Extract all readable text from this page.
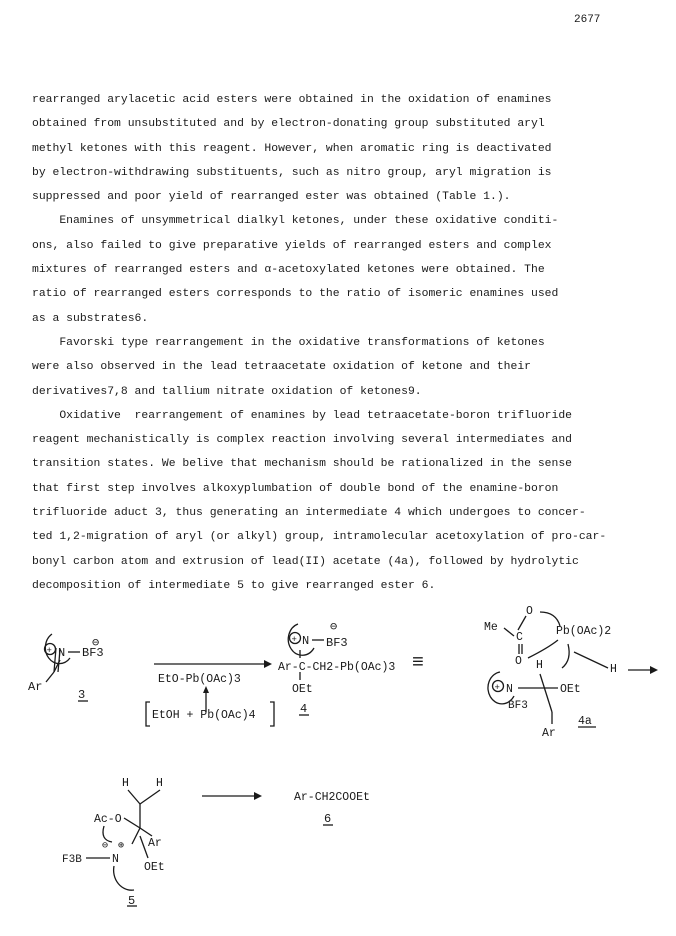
2677
rearranged arylacetic acid esters were obtained in the oxidation of enamines
obtained from unsubstituted and by electron-donating group substituted aryl
methyl ketones with this reagent. However, when aromatic ring is deactivated
by electron-withdrawing substituents, such as nitro group, aryl migration is
suppressed and poor yield of rearranged ester was obtained (Table 1.).
Enamines of unsymmetrical dialkyl ketones, under these oxidative conditi-
ons, also failed to give preparative yields of rearranged esters and complex
mixtures of rearranged esters and α-acetoxylated ketones were obtained. The
ratio of rearranged esters corresponds to the ratio of isomeric enamines used
as a substrates6.
Favorski type rearrangement in the oxidative transformations of ketones
were also observed in the lead tetraacetate oxidation of ketone and their
derivatives7,8 and tallium nitrate oxidation of ketones9.
Oxidative  rearrangement of enamines by lead tetraacetate-boron trifluoride
reagent mechanistically is complex reaction involving several intermediates and
transition states. We belive that mechanism should be rationalized in the sense
that first step involves alkoxyplumbation of double bond of the enamine-boron
trifluoride aduct 3, thus generating an intermediate 4 which undergoes to concer-
ted 1,2-migration of aryl (or alkyl) group, intramolecular acetoxylation of pro-car-
bonyl carbon atom and extrusion of lead(II) acetate (4a), followed by hydrolytic
decomposition of intermediate 5 to give rearranged ester 6.
+ N BF3
⊖
Ar
3
EtO-Pb(OAc)3
EtOH + Pb(OAc)4
+ N BF3
⊖
Ar-C-CH2-Pb(OAc)3
OEt
4
≡
Me
C
O
Pb(OAc)2
O H	H
+ N
BF3
OEt
Ar
4a
H H
Ac-O
Ar
⊖ ⊕
F3B	N
OEt
5
Ar-CH2COOEt
6
